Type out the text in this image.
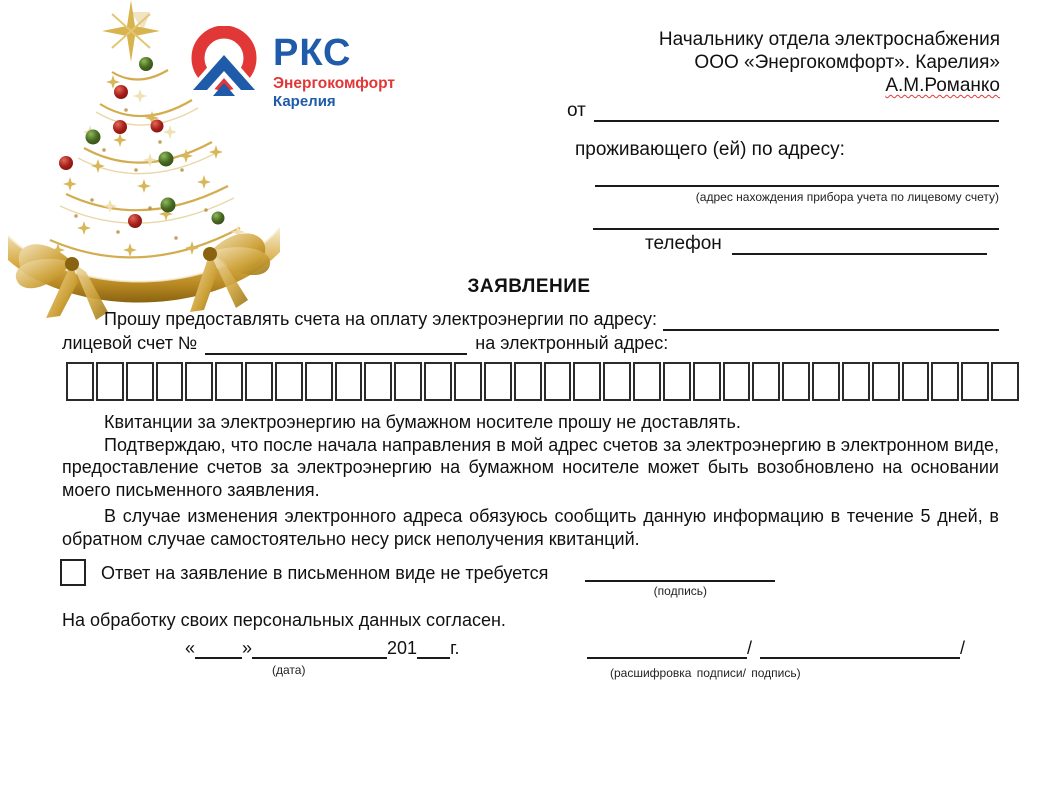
РКС
Энергокомфорт
Карелия
Начальнику отдела электроснабжения
ООО «Энергокомфорт». Карелия»
А.М.Романко
от
проживающего (ей) по адресу:
(адрес нахождения прибора учета по лицевому счету)
телефон
ЗАЯВЛЕНИЕ
Прошу предоставлять счета на оплату электроэнергии по адресу:
лицевой счет №	на электронный адрес:

Квитанции за электроэнергию на бумажном носителе прошу не доставлять.

Подтверждаю, что после начала направления в мой адрес счетов за электроэнергию в электронном виде, предоставление счетов за электроэнергию на бумажном носителе может быть возобновлено на основании моего письменного заявления.

В случае изменения электронного адреса обязуюсь сообщить данную информацию в течение 5 дней, в обратном случае самостоятельно несу риск неполучения квитанций.

Ответ на заявление в письменном виде не требуется
(подпись)
На обработку своих персональных данных согласен.
«	»	201 г.
(дата)
/	/
(расшифровка подписи/ подпись)
